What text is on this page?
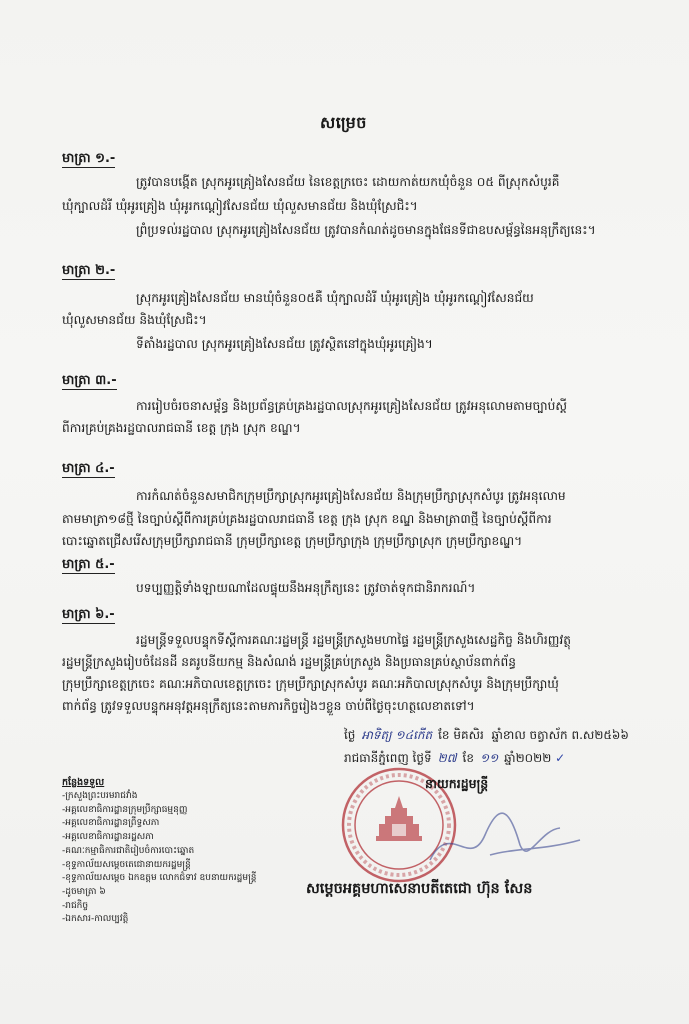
សម្រេច
មាត្រា ១.-
ត្រូវបានបង្កើត ស្រុកអូរគ្រៀងសែនជ័យ នៃខេត្តក្រចេះ ដោយកាត់យកឃុំចំនួន ០៥ ពីស្រុកសំបូរគឺ
ឃុំក្បាលដំរី ឃុំអូរគ្រៀង ឃុំអូរកណ្តៀវសែនជ័យ ឃុំលួសមានជ័យ និងឃុំស្រែជិះ។
ព្រំប្រទល់រដ្ឋបាល ស្រុកអូរគ្រៀងសែនជ័យ ត្រូវបានកំណត់ដូចមានក្នុងផែនទីជាឧបសម្ព័ន្ធនៃអនុក្រឹត្យនេះ។
មាត្រា ២.-
ស្រុកអូរគ្រៀងសែនជ័យ មានឃុំចំនួន០៥គឺ ឃុំក្បាលដំរី ឃុំអូរគ្រៀង ឃុំអូរកណ្តៀវសែនជ័យ
ឃុំលួសមានជ័យ និងឃុំស្រែជិះ។
ទីតាំងរដ្ឋបាល ស្រុកអូរគ្រៀងសែនជ័យ ត្រូវស្ថិតនៅក្នុងឃុំអូរគ្រៀង។
មាត្រា ៣.-
ការរៀបចំរចនាសម្ព័ន្ធ និងប្រព័ន្ធគ្រប់គ្រងរដ្ឋបាលស្រុកអូរគ្រៀងសែនជ័យ ត្រូវអនុលោមតាមច្បាប់ស្តី
ពីការគ្រប់គ្រងរដ្ឋបាលរាជធានី ខេត្ត ក្រុង ស្រុក ខណ្ឌ។
មាត្រា ៤.-
ការកំណត់ចំនួនសមាជិកក្រុមប្រឹក្សាស្រុកអូរគ្រៀងសែនជ័យ និងក្រុមប្រឹក្សាស្រុកសំបូរ ត្រូវអនុលោម
តាមមាត្រា១៨ថ្មី នៃច្បាប់ស្តីពីការគ្រប់គ្រងរដ្ឋបាលរាជធានី ខេត្ត ក្រុង ស្រុក ខណ្ឌ និងមាត្រា៣ថ្មី នៃច្បាប់ស្តីពីការ
បោះឆ្នោតជ្រើសរើសក្រុមប្រឹក្សារាជធានី ក្រុមប្រឹក្សាខេត្ត ក្រុមប្រឹក្សាក្រុង ក្រុមប្រឹក្សាស្រុក ក្រុមប្រឹក្សាខណ្ឌ។
មាត្រា ៥.-
បទប្បញ្ញត្តិទាំងឡាយណាដែលផ្ទុយនឹងអនុក្រឹត្យនេះ ត្រូវចាត់ទុកជានិរាករណ៍។
មាត្រា ៦.-
រដ្ឋមន្ត្រីទទួលបន្ទុកទីស្តីការគណៈរដ្ឋមន្ត្រី រដ្ឋមន្ត្រីក្រសួងមហាផ្ទៃ រដ្ឋមន្ត្រីក្រសួងសេដ្ឋកិច្ច និងហិរញ្ញវត្ថុ
រដ្ឋមន្ត្រីក្រសួងរៀបចំដែនដី នគរូបនីយកម្ម និងសំណង់ រដ្ឋមន្ត្រីគ្រប់ក្រសួង និងប្រធានគ្រប់ស្ថាប័នពាក់ព័ន្ធ
ក្រុមប្រឹក្សាខេត្តក្រចេះ គណៈអភិបាលខេត្តក្រចេះ ក្រុមប្រឹក្សាស្រុកសំបូរ គណៈអភិបាលស្រុកសំបូរ និងក្រុមប្រឹក្សាឃុំ
ពាក់ព័ន្ធ ត្រូវទទួលបន្ទុកអនុវត្តអនុក្រឹត្យនេះតាមភារកិច្ចរៀងៗខ្លួន ចាប់ពីថ្ងៃចុះហត្ថលេខាតទៅ។
ថ្ងៃ អាទិត្យ ១៤កើត ខែ មិគសិរ ឆ្នាំខាល ចត្វាស័ក ព.ស២៥៦៦
រាជធានីភ្នំពេញ ថ្ងៃទី ២៧ ខែ ១១ ឆ្នាំ២០២២ ✓
នាយករដ្ឋមន្ត្រី
សម្តេចអគ្គមហាសេនាបតីតេជោ ហ៊ុន សែន
កន្លែងទទួល
-ក្រសួងព្រះបរមរាជវាំង
-អគ្គលេខាធិការដ្ឋានក្រុមប្រឹក្សាធម្មនុញ្ញ
-អគ្គលេខាធិការដ្ឋានព្រឹទ្ធសភា
-អគ្គលេខាធិការដ្ឋានរដ្ឋសភា
-គណៈកម្មាធិការជាតិរៀបចំការបោះឆ្នោត
-ខុទ្ទកាល័យសម្តេចតេជោនាយករដ្ឋមន្ត្រី
-ខុទ្ទកាល័យសម្តេច ឯកឧត្តម លោកជំទាវ ឧបនាយករដ្ឋមន្ត្រី
-ដូចមាត្រា ៦
-រាជកិច្ច
-ឯកសារ-កាលប្បវត្តិ
